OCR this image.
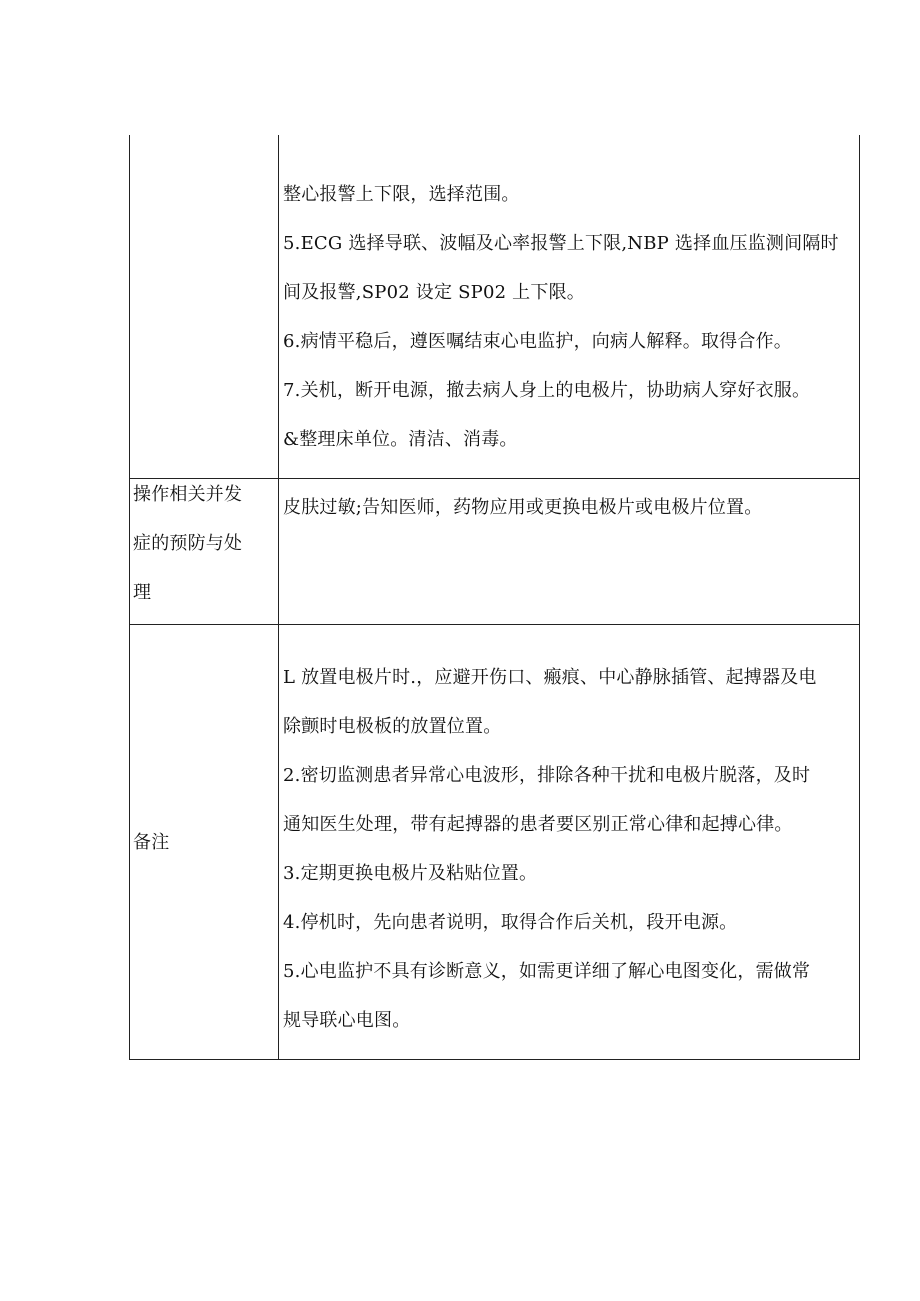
整心报警上下限，选择范围。

5.ECG 选择导联、波幅及心率报警上下限,NBP 选择血压监测间隔时

间及报警,SP02 设定 SP02 上下限。

6.病情平稳后，遵医嘱结束心电监护，向病人解释。取得合作。

7.关机，断开电源，撤去病人身上的电极片，协助病人穿好衣服。

&整理床单位。清洁、消毒。

操作相关并发

症的预防与处

理

皮肤过敏;告知医师，药物应用或更换电极片或电极片位置。

备注

L 放置电极片时.，应避开伤口、瘢痕、中心静脉插管、起搏器及电

除颤时电极板的放置位置。

2.密切监测患者异常心电波形，排除各种干扰和电极片脱落，及时

通知医生处理，带有起搏器的患者要区别正常心律和起搏心律。

3.定期更换电极片及粘贴位置。

4.停机时，先向患者说明，取得合作后关机，段开电源。

5.心电监护不具有诊断意义，如需更详细了解心电图变化，需做常

规导联心电图。
